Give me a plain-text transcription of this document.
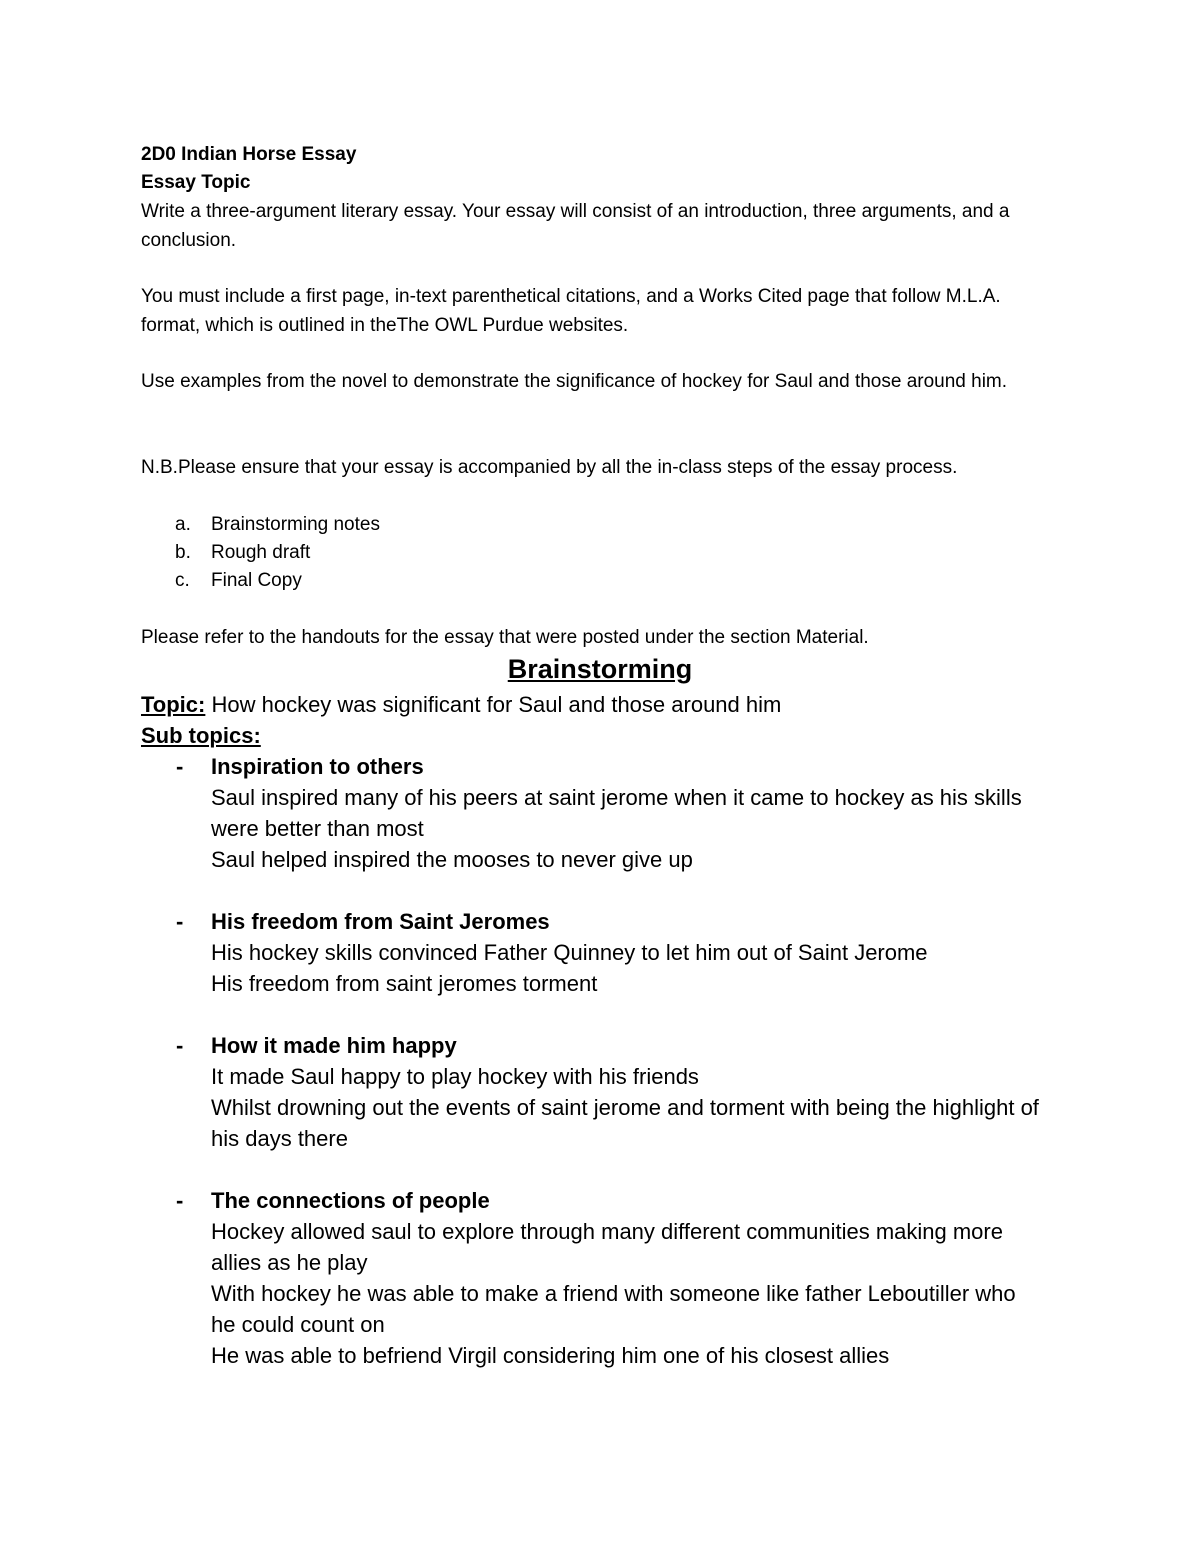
2D0 Indian Horse Essay

Essay Topic

Write a three-argument literary essay. Your essay will consist of an introduction, three arguments, and a conclusion.

You must include a first page, in-text parenthetical citations, and a Works Cited page that follow M.L.A. format, which is outlined in theThe OWL Purdue websites.

Use examples from the novel to demonstrate the significance of hockey for Saul and those around him.

N.B.Please ensure that your essay is accompanied by all the in-class steps of the essay process.

a. Brainstorming notes
b. Rough draft
c. Final Copy

Please refer to the handouts for the essay that were posted under the section Material.

Brainstorming

Topic: How hockey was significant for Saul and those around him

Sub topics:

- Inspiration to others

Saul inspired many of his peers at saint jerome when it came to hockey as his skills were better than most

Saul helped inspired the mooses to never give up

- His freedom from Saint Jeromes

His hockey skills convinced Father Quinney to let him out of Saint Jerome

His freedom from saint jeromes torment

- How it made him happy

It made Saul happy to play hockey with his friends

Whilst drowning out the events of saint jerome and torment with being the highlight of his days there

- The connections of people

Hockey allowed saul to explore through many different communities making more allies as he play

With hockey he was able to make a friend with someone like father Leboutiller who he could count on

He was able to befriend Virgil considering him one of his closest allies
